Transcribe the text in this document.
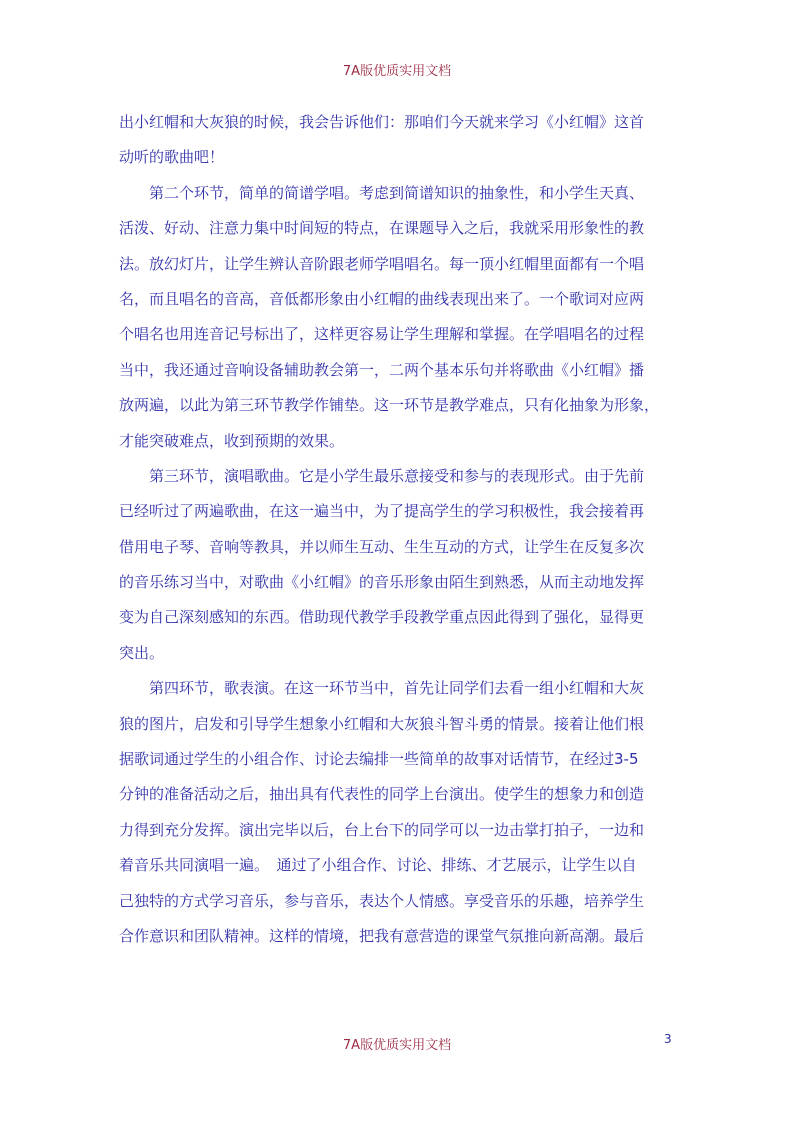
7A版优质实用文档
出小红帽和大灰狼的时候，我会告诉他们：那咱们今天就来学习《小红帽》这首
动听的歌曲吧！
　　第二个环节，简单的简谱学唱。考虑到简谱知识的抽象性，和小学生天真、
活泼、好动、注意力集中时间短的特点，在课题导入之后，我就采用形象性的教
法。放幻灯片，让学生辨认音阶跟老师学唱唱名。每一顶小红帽里面都有一个唱
名，而且唱名的音高，音低都形象由小红帽的曲线表现出来了。一个歌词对应两
个唱名也用连音记号标出了，这样更容易让学生理解和掌握。在学唱唱名的过程
当中，我还通过音响设备辅助教会第一，二两个基本乐句并将歌曲《小红帽》播
放两遍，以此为第三环节教学作铺垫。这一环节是教学难点，只有化抽象为形象，
才能突破难点，收到预期的效果。
　　第三环节，演唱歌曲。它是小学生最乐意接受和参与的表现形式。由于先前
已经听过了两遍歌曲，在这一遍当中，为了提高学生的学习积极性，我会接着再
借用电子琴、音响等教具，并以师生互动、生生互动的方式，让学生在反复多次
的音乐练习当中，对歌曲《小红帽》的音乐形象由陌生到熟悉，从而主动地发挥
变为自己深刻感知的东西。借助现代教学手段教学重点因此得到了强化，显得更
突出。
　　第四环节，歌表演。在这一环节当中，首先让同学们去看一组小红帽和大灰
狼的图片，启发和引导学生想象小红帽和大灰狼斗智斗勇的情景。接着让他们根
据歌词通过学生的小组合作、讨论去编排一些简单的故事对话情节，在经过3-5
分钟的准备活动之后，抽出具有代表性的同学上台演出。使学生的想象力和创造
力得到充分发挥。演出完毕以后，台上台下的同学可以一边击掌打拍子，一边和
着音乐共同演唱一遍。　通过了小组合作、讨论、排练、才艺展示，让学生以自
己独特的方式学习音乐，参与音乐，表达个人情感。享受音乐的乐趣，培养学生
合作意识和团队精神。这样的情境，把我有意营造的课堂气氛推向新高潮。最后
7A版优质实用文档	3
